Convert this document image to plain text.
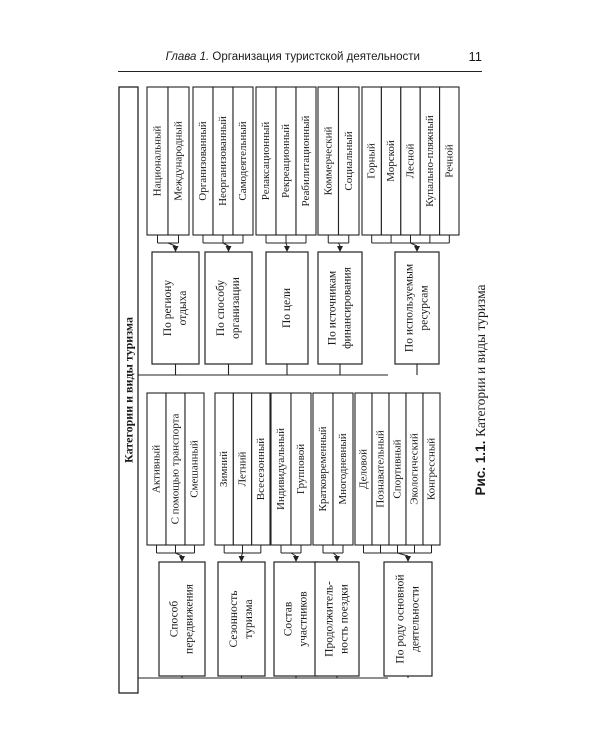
Глава 1. Организация туристской деятельности	11
Категории и виды туризма
Способ передвижения
Активный С помощью транспорта Смешанный
Сезонность туризма
Зимний Летний Всесезонный
Состав участников
Индивидуальный Групповой
Продолжитель- ность поездки
Кратковременный Многодневный
По роду основной деятельности
Деловой Познавательный Спортивный Экологический Конгрессный
По региону отдыха
Национальный Международный
По способу организации
Организованный Неорганизованный Самодеятельный
По цели
Релаксационный Рекреационный Реабилитационный
По источникам финансирования
Коммерческий Социальный
По используемым ресурсам
Горный Морской Лесной Купально-пляжный Речной
Рис. 1.1. Категории и виды туризма
